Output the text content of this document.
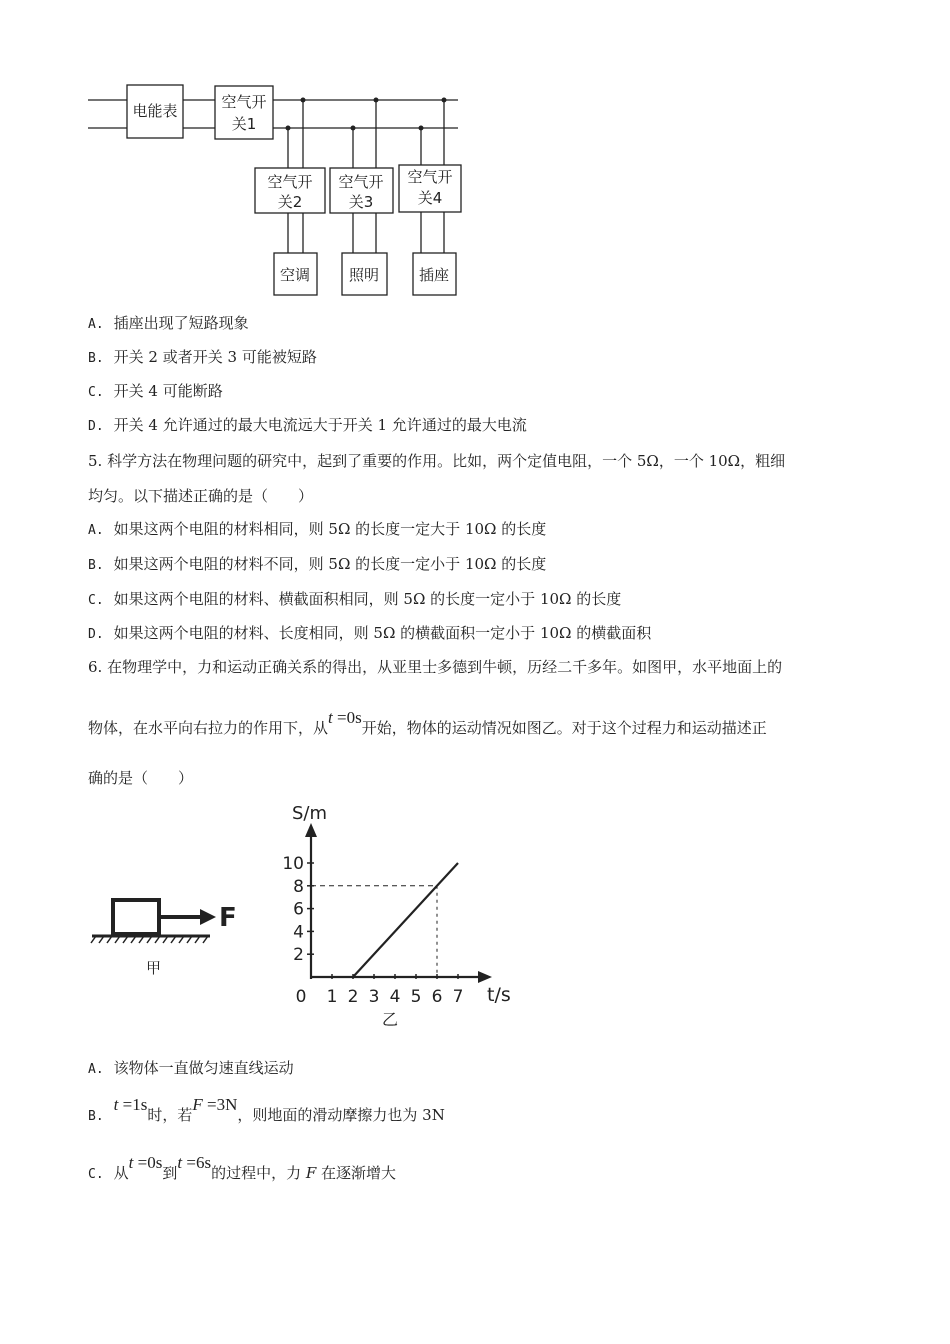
电能表	空气开
关1
空气开
关2
空气开
关3
空气开
关4
空调	照明	插座
A. 插座出现了短路现象
B. 开关 2 或者开关 3 可能被短路
C. 开关 4 可能断路
D. 开关 4 允许通过的最大电流远大于开关 1 允许通过的最大电流
5. 科学方法在物理问题的研究中，起到了重要的作用。比如，两个定值电阻，一个 5Ω，一个 10Ω，粗细
均匀。以下描述正确的是（　　）
A. 如果这两个电阻的材料相同，则 5Ω 的长度一定大于 10Ω 的长度
B. 如果这两个电阻的材料不同，则 5Ω 的长度一定小于 10Ω 的长度
C. 如果这两个电阻的材料、横截面积相同，则 5Ω 的长度一定小于 10Ω 的长度
D. 如果这两个电阻的材料、长度相同，则 5Ω 的横截面积一定小于 10Ω 的横截面积
6. 在物理学中，力和运动正确关系的得出，从亚里士多德到牛顿，历经二千多年。如图甲，水平地面上的
物体，在水平向右拉力的作用下，从t =0s开始，物体的运动情况如图乙。对于这个过程力和运动描述正
确的是（　　）
F
甲
2
4
6
8
10
0 1 2 3 4 5 6 7
S/m
t/s
乙
A. 该物体一直做匀速直线运动
B.t =1s时，若F =3N，则地面的滑动摩擦力也为 3N
C. 从t =0s到t =6s的过程中，力 F 在逐渐增大
